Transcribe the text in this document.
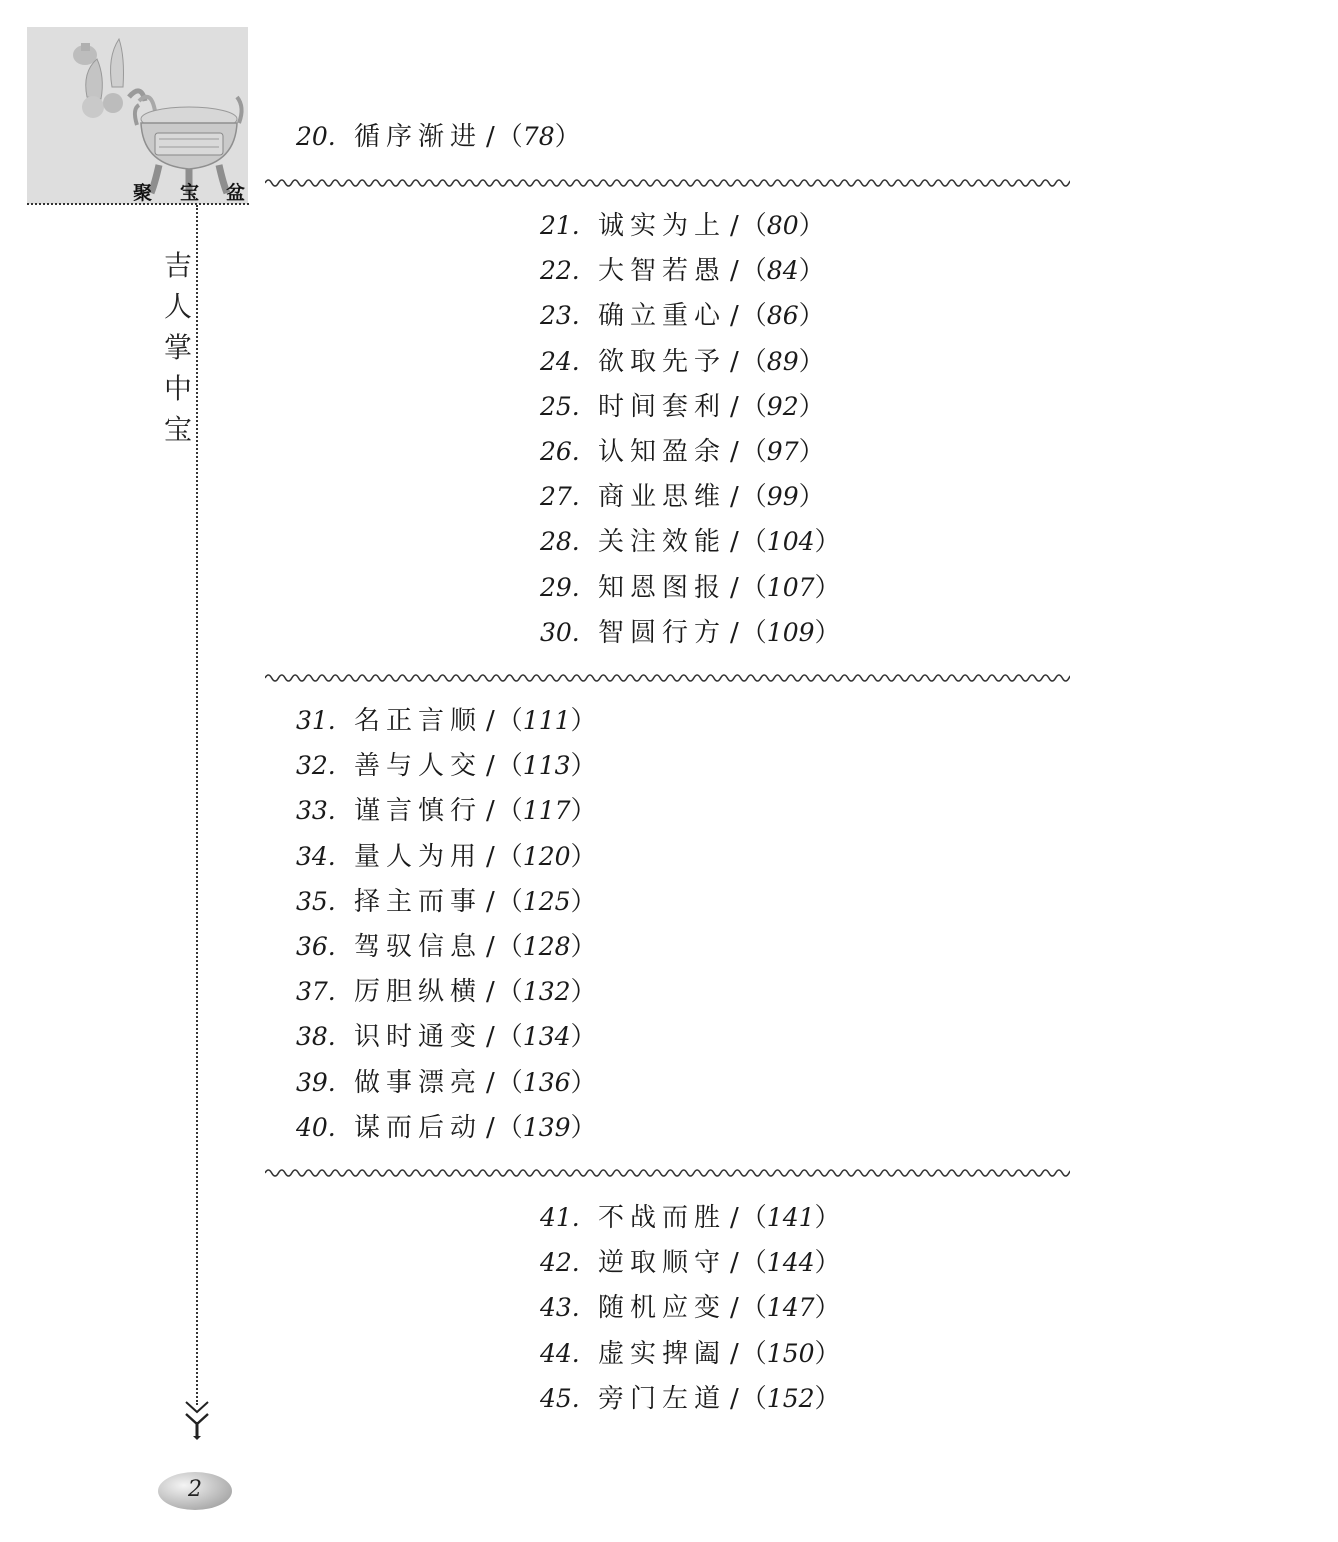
聚 宝 盆
吉
人
掌
中
宝
20. 循序渐进 /（78）
21. 诚实为上 /（80）
22. 大智若愚 /（84）
23. 确立重心 /（86）
24. 欲取先予 /（89）
25. 时间套利 /（92）
26. 认知盈余 /（97）
27. 商业思维 /（99）
28. 关注效能 /（104）
29. 知恩图报 /（107）
30. 智圆行方 /（109）
31. 名正言顺 /（111）
32. 善与人交 /（113）
33. 谨言慎行 /（117）
34. 量人为用 /（120）
35. 择主而事 /（125）
36. 驾驭信息 /（128）
37. 厉胆纵横 /（132）
38. 识时通变 /（134）
39. 做事漂亮 /（136）
40. 谋而后动 /（139）
41. 不战而胜 /（141）
42. 逆取顺守 /（144）
43. 随机应变 /（147）
44. 虚实捭阖 /（150）
45. 旁门左道 /（152）
2
